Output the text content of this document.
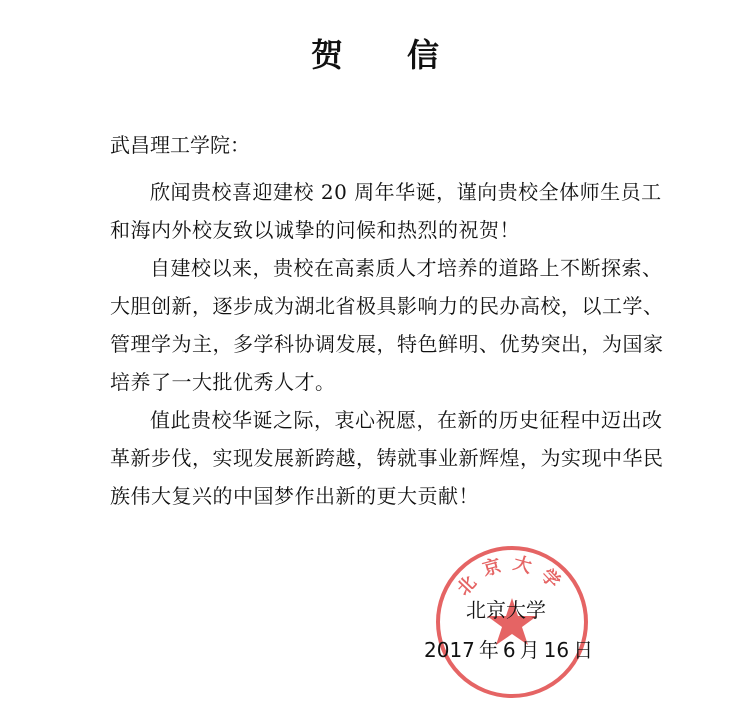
贺 信
武昌理工学院：

欣闻贵校喜迎建校 20 周年华诞，谨向贵校全体师生员工和海内外校友致以诚挚的问候和热烈的祝贺！

自建校以来，贵校在高素质人才培养的道路上不断探索、大胆创新，逐步成为湖北省极具影响力的民办高校，以工学、管理学为主，多学科协调发展，特色鲜明、优势突出，为国家培养了一大批优秀人才。

值此贵校华诞之际，衷心祝愿，在新的历史征程中迈出改革新步伐，实现发展新跨越，铸就事业新辉煌，为实现中华民族伟大复兴的中国梦作出新的更大贡献！

北京大学
北京大学
2017 年 6 月 16 日
